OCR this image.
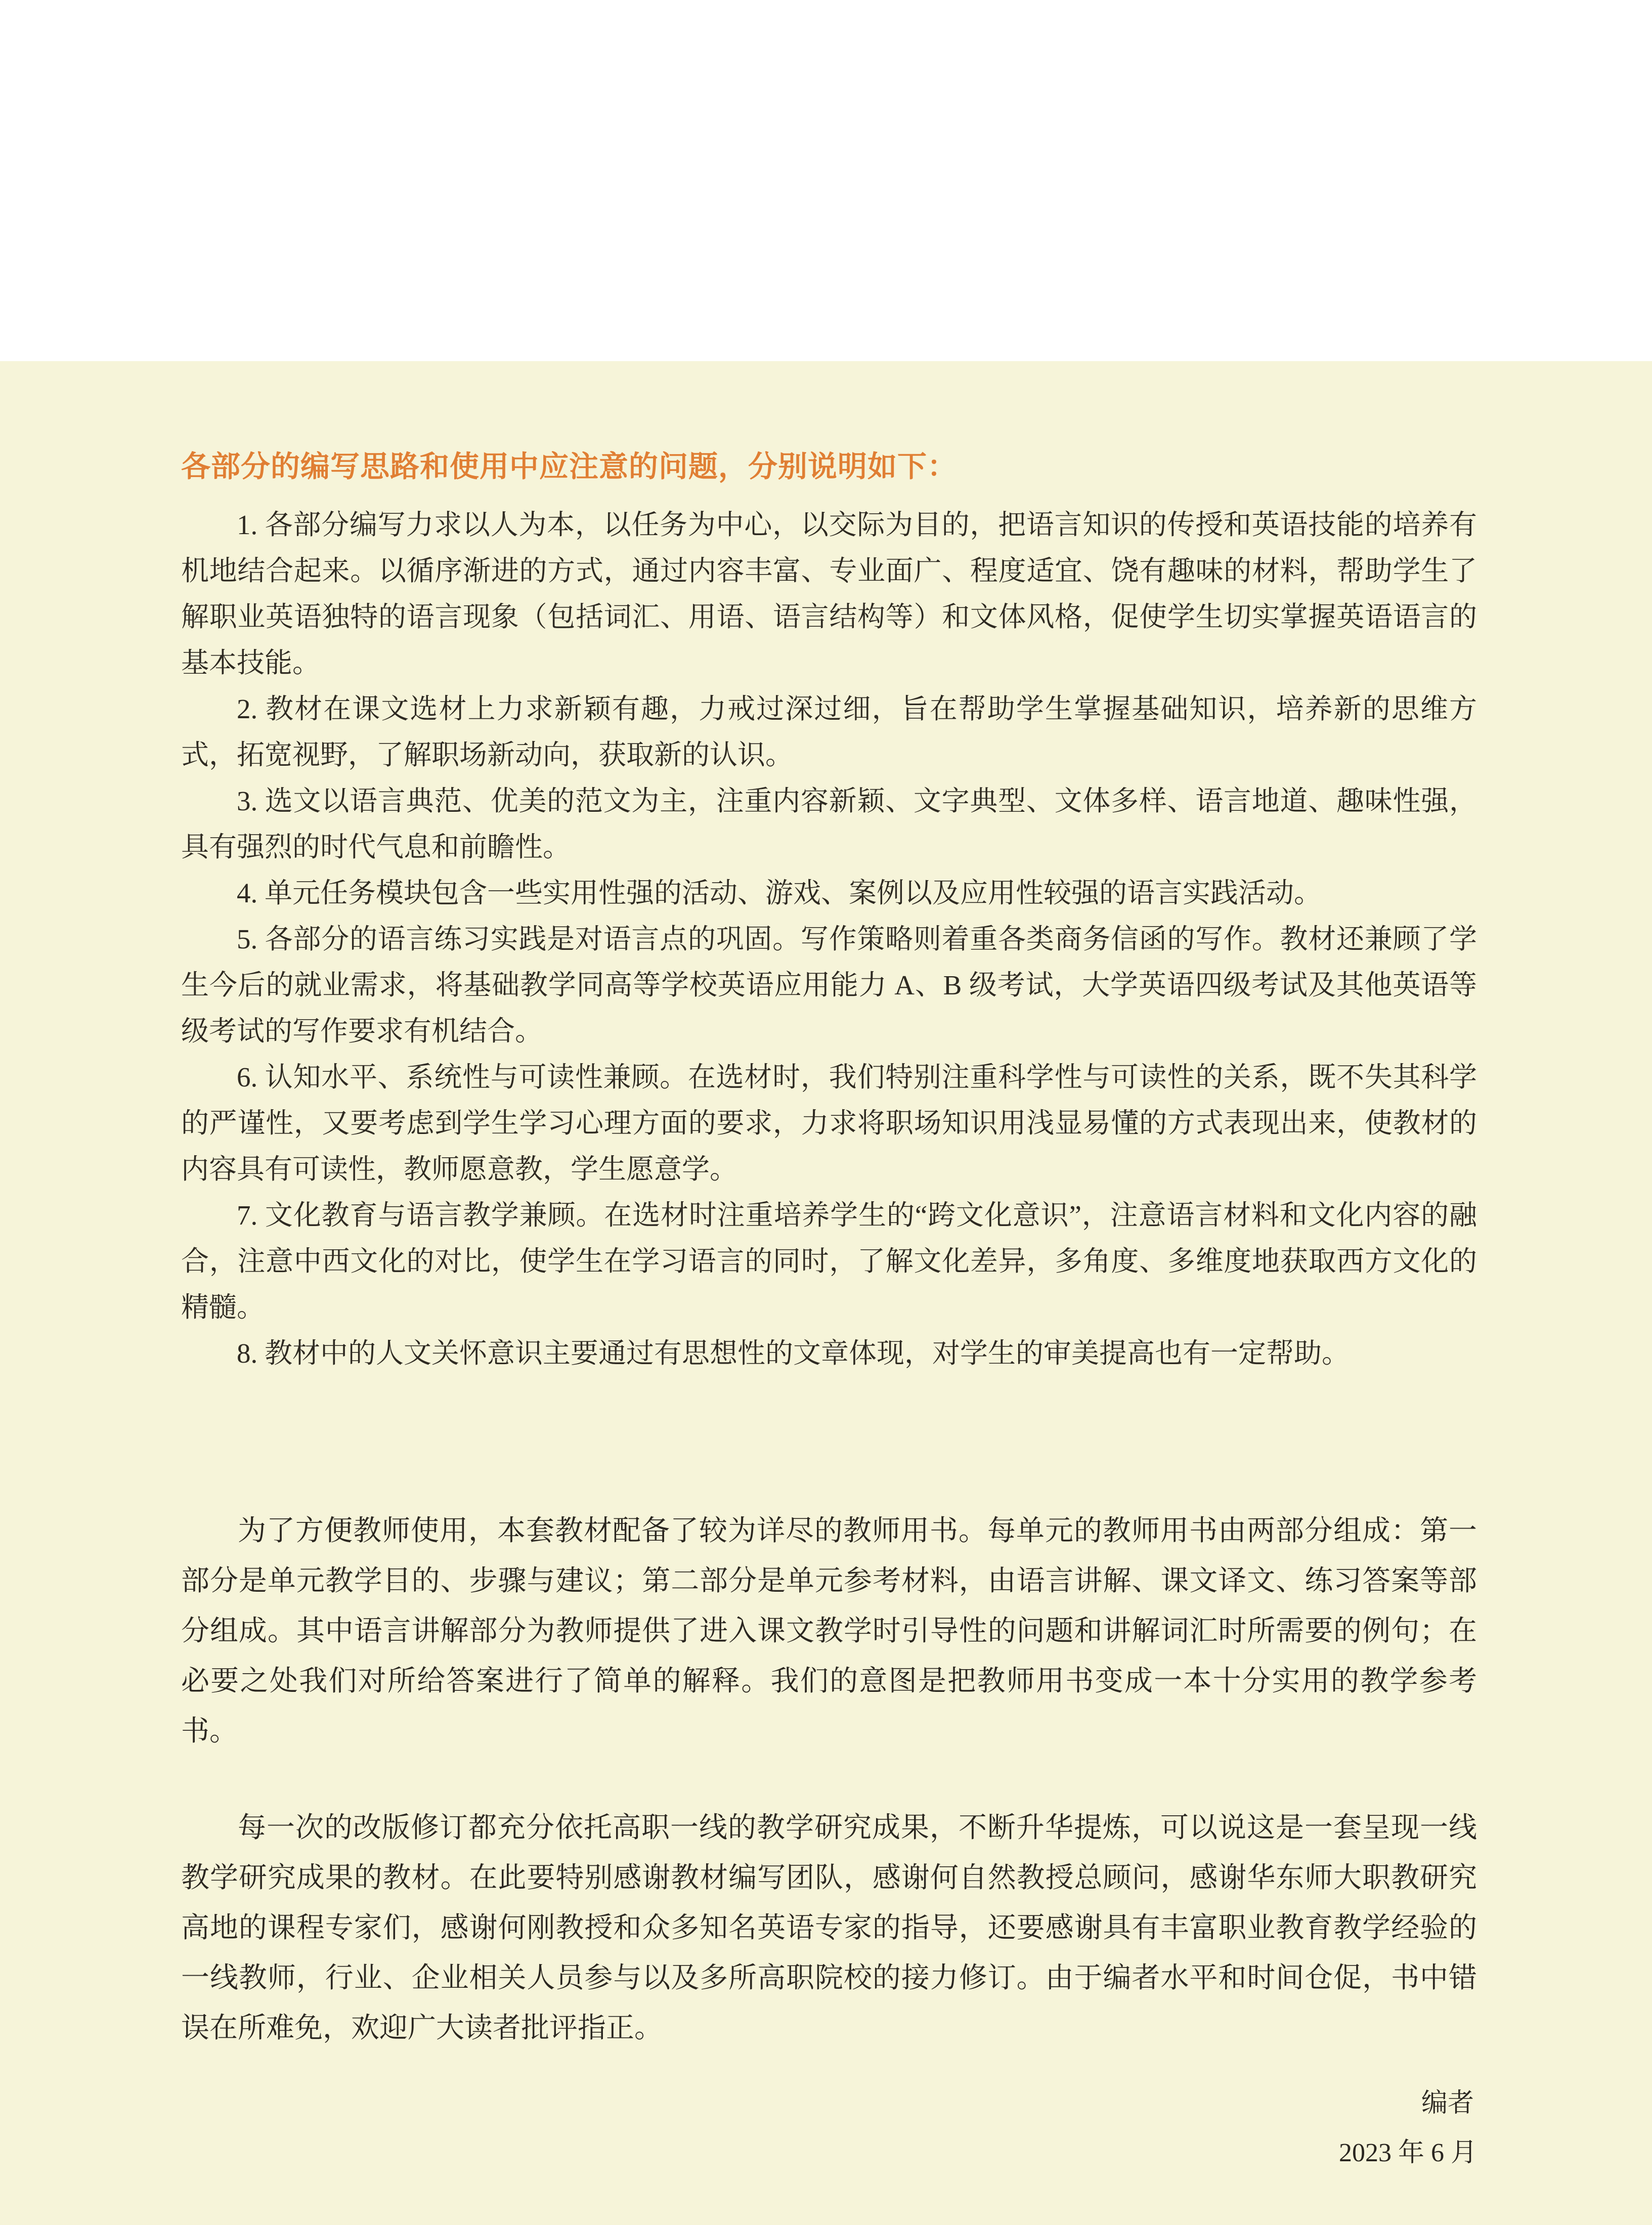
各部分的编写思路和使用中应注意的问题，分别说明如下：

1. 各部分编写力求以人为本，以任务为中心，以交际为目的，把语言知识的传授和英语技能的培养有机地结合起来。以循序渐进的方式，通过内容丰富、专业面广、程度适宜、饶有趣味的材料，帮助学生了解职业英语独特的语言现象（包括词汇、用语、语言结构等）和文体风格，促使学生切实掌握英语语言的基本技能。

2. 教材在课文选材上力求新颖有趣，力戒过深过细，旨在帮助学生掌握基础知识，培养新的思维方式，拓宽视野，了解职场新动向，获取新的认识。

3. 选文以语言典范、优美的范文为主，注重内容新颖、文字典型、文体多样、语言地道、趣味性强，具有强烈的时代气息和前瞻性。

4. 单元任务模块包含一些实用性强的活动、游戏、案例以及应用性较强的语言实践活动。

5. 各部分的语言练习实践是对语言点的巩固。写作策略则着重各类商务信函的写作。教材还兼顾了学生今后的就业需求，将基础教学同高等学校英语应用能力 A、B 级考试，大学英语四级考试及其他英语等级考试的写作要求有机结合。

6. 认知水平、系统性与可读性兼顾。在选材时，我们特别注重科学性与可读性的关系，既不失其科学的严谨性，又要考虑到学生学习心理方面的要求，力求将职场知识用浅显易懂的方式表现出来，使教材的内容具有可读性，教师愿意教，学生愿意学。

7. 文化教育与语言教学兼顾。在选材时注重培养学生的“跨文化意识”，注意语言材料和文化内容的融合，注意中西文化的对比，使学生在学习语言的同时，了解文化差异，多角度、多维度地获取西方文化的精髓。

8. 教材中的人文关怀意识主要通过有思想性的文章体现，对学生的审美提高也有一定帮助。

为了方便教师使用，本套教材配备了较为详尽的教师用书。每单元的教师用书由两部分组成：第一部分是单元教学目的、步骤与建议；第二部分是单元参考材料，由语言讲解、课文译文、练习答案等部分组成。其中语言讲解部分为教师提供了进入课文教学时引导性的问题和讲解词汇时所需要的例句；在必要之处我们对所给答案进行了简单的解释。我们的意图是把教师用书变成一本十分实用的教学参考书。

每一次的改版修订都充分依托高职一线的教学研究成果，不断升华提炼，可以说这是一套呈现一线教学研究成果的教材。在此要特别感谢教材编写团队，感谢何自然教授总顾问，感谢华东师大职教研究高地的课程专家们，感谢何刚教授和众多知名英语专家的指导，还要感谢具有丰富职业教育教学经验的一线教师，行业、企业相关人员参与以及多所高职院校的接力修订。由于编者水平和时间仓促，书中错误在所难免，欢迎广大读者批评指正。

编者
2023 年 6 月
